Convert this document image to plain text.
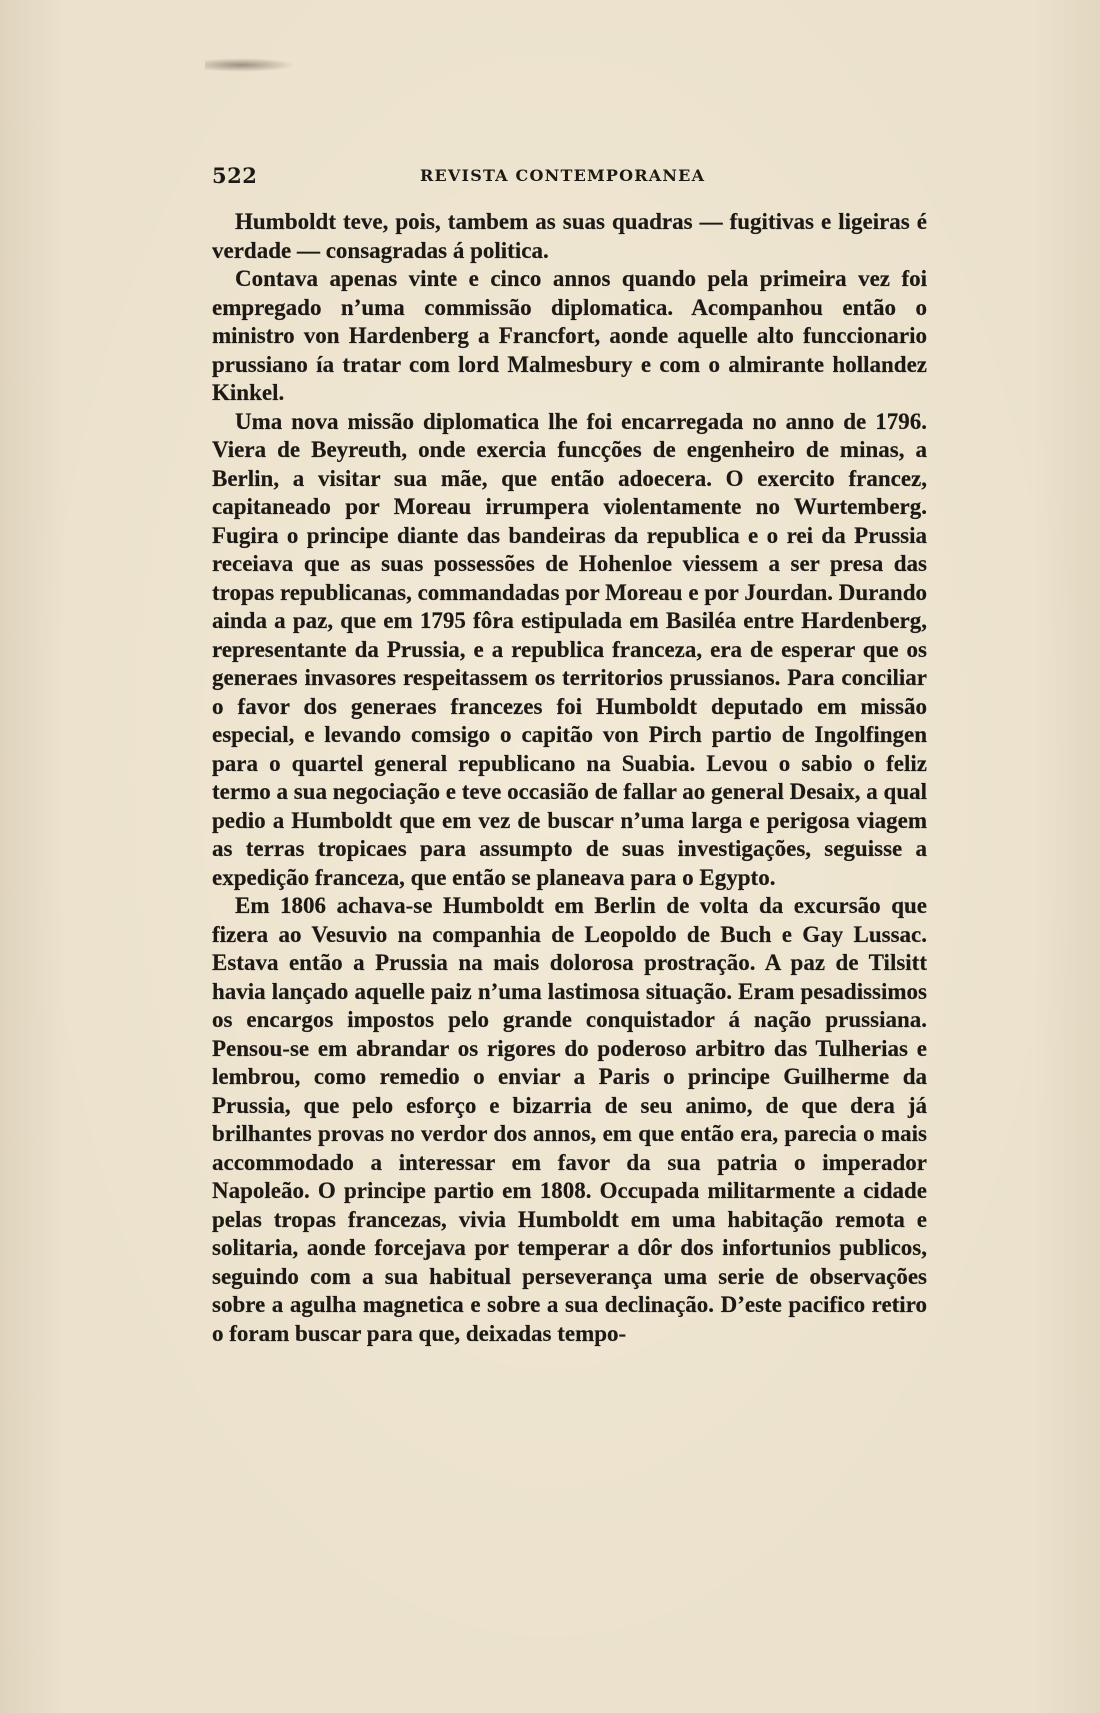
522	REVISTA CONTEMPORANEA

Humboldt teve, pois, tambem as suas quadras — fugitivas e ligeiras é verdade — consagradas á politica.

Contava apenas vinte e cinco annos quando pela primeira vez foi empregado n’uma commissão diplomatica. Acompanhou então o ministro von Hardenberg a Francfort, aonde aquelle alto funccionario prussiano ía tratar com lord Malmesbury e com o almirante hollandez Kinkel.

Uma nova missão diplomatica lhe foi encarregada no anno de 1796. Viera de Beyreuth, onde exercia funcções de engenheiro de minas, a Berlin, a visitar sua mãe, que então adoecera. O exercito francez, capitaneado por Moreau irrumpera violentamente no Wurtemberg. Fugira o principe diante das bandeiras da republica e o rei da Prussia receiava que as suas possessões de Hohenloe viessem a ser presa das tropas republicanas, commandadas por Moreau e por Jourdan. Durando ainda a paz, que em 1795 fôra estipulada em Basiléa entre Hardenberg, representante da Prussia, e a republica franceza, era de esperar que os generaes invasores respeitassem os territorios prussianos. Para conciliar o favor dos generaes francezes foi Humboldt deputado em missão especial, e levando comsigo o capitão von Pirch partio de Ingolfingen para o quartel general republicano na Suabia. Levou o sabio o feliz termo a sua negociação e teve occasião de fallar ao general Desaix, a qual pedio a Humboldt que em vez de buscar n’uma larga e perigosa viagem as terras tropicaes para assumpto de suas investigações, seguisse a expedição franceza, que então se planeava para o Egypto.

Em 1806 achava-se Humboldt em Berlin de volta da excursão que fizera ao Vesuvio na companhia de Leopoldo de Buch e Gay Lussac. Estava então a Prussia na mais dolorosa prostração. A paz de Tilsitt havia lançado aquelle paiz n’uma lastimosa situação. Eram pesadissimos os encargos impostos pelo grande conquistador á nação prussiana. Pensou-se em abrandar os rigores do poderoso arbitro das Tulherias e lembrou, como remedio o enviar a Paris o principe Guilherme da Prussia, que pelo esforço e bizarria de seu animo, de que dera já brilhantes provas no verdor dos annos, em que então era, parecia o mais accommodado a interessar em favor da sua patria o imperador Napoleão. O principe partio em 1808. Occupada militarmente a cidade pelas tropas francezas, vivia Humboldt em uma habitação remota e solitaria, aonde forcejava por temperar a dôr dos infortunios publicos, seguindo com a sua habitual perseverança uma serie de observações sobre a agulha magnetica e sobre a sua declinação. D’este pacifico retiro o foram buscar para que, deixadas tempo-
